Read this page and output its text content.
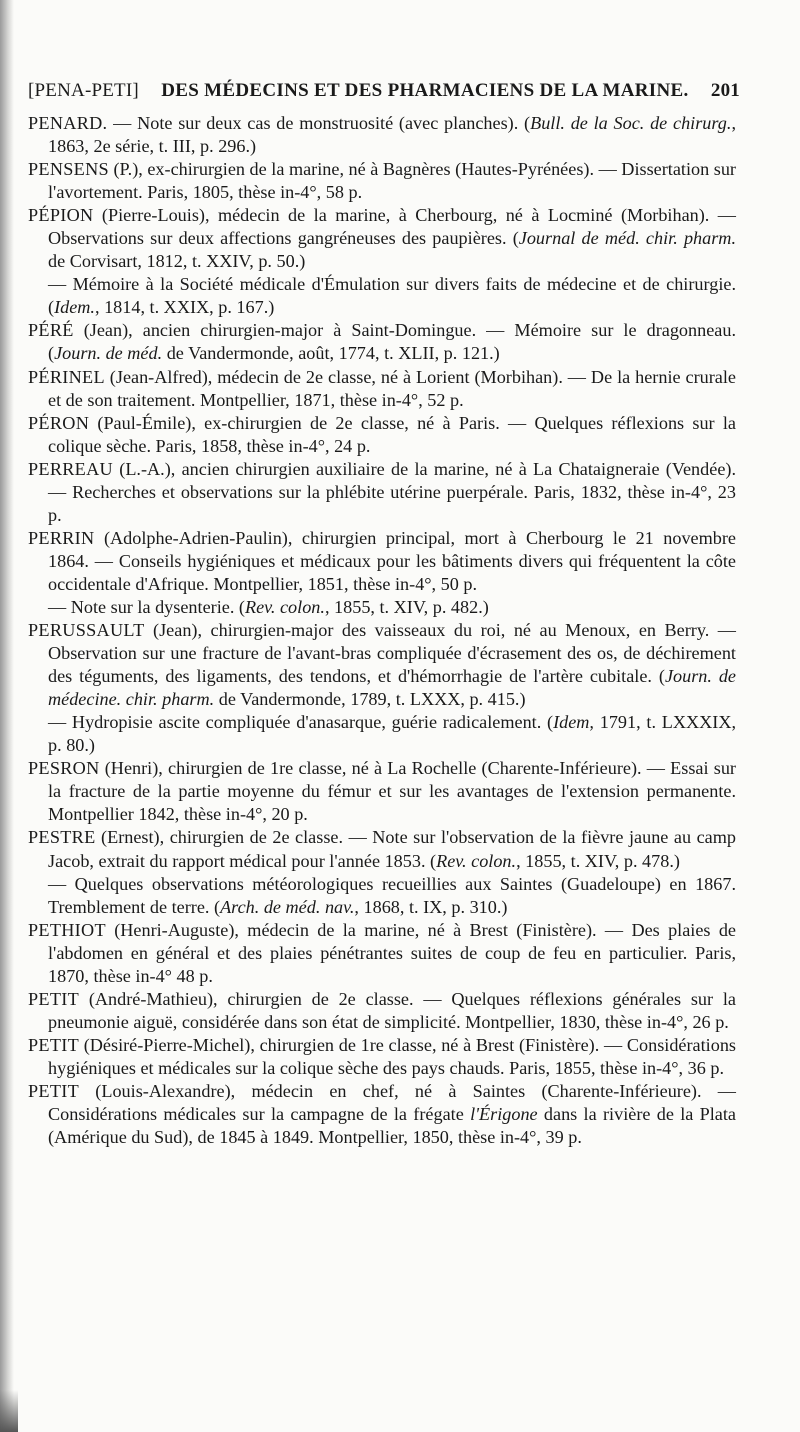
[PENA-PETI] DES MÉDECINS ET DES PHARMACIENS DE LA MARINE. 201

PENARD. — Note sur deux cas de monstruosité (avec planches). (Bull. de la Soc. de chirurg., 1863, 2e série, t. III, p. 296.)

PENSENS (P.), ex-chirurgien de la marine, né à Bagnères (Hautes-Pyrénées). — Dissertation sur l'avortement. Paris, 1805, thèse in-4°, 58 p.

PÉPION (Pierre-Louis), médecin de la marine, à Cherbourg, né à Locminé (Morbihan). — Observations sur deux affections gangréneuses des paupières. (Journal de méd. chir. pharm. de Corvisart, 1812, t. XXIV, p. 50.)

— Mémoire à la Société médicale d'Émulation sur divers faits de médecine et de chirurgie. (Idem., 1814, t. XXIX, p. 167.)

PÉRÉ (Jean), ancien chirurgien-major à Saint-Domingue. — Mémoire sur le dragonneau. (Journ. de méd. de Vandermonde, août, 1774, t. XLII, p. 121.)

PÉRINEL (Jean-Alfred), médecin de 2e classe, né à Lorient (Morbihan). — De la hernie crurale et de son traitement. Montpellier, 1871, thèse in-4°, 52 p.

PÉRON (Paul-Émile), ex-chirurgien de 2e classe, né à Paris. — Quelques réflexions sur la colique sèche. Paris, 1858, thèse in-4°, 24 p.

PERREAU (L.-A.), ancien chirurgien auxiliaire de la marine, né à La Chataigneraie (Vendée). — Recherches et observations sur la phlébite utérine puerpérale. Paris, 1832, thèse in-4°, 23 p.

PERRIN (Adolphe-Adrien-Paulin), chirurgien principal, mort à Cherbourg le 21 novembre 1864. — Conseils hygiéniques et médicaux pour les bâtiments divers qui fréquentent la côte occidentale d'Afrique. Montpellier, 1851, thèse in-4°, 50 p.

— Note sur la dysenterie. (Rev. colon., 1855, t. XIV, p. 482.)

PERUSSAULT (Jean), chirurgien-major des vaisseaux du roi, né au Menoux, en Berry. — Observation sur une fracture de l'avant-bras compliquée d'écrasement des os, de déchirement des téguments, des ligaments, des tendons, et d'hémorrhagie de l'artère cubitale. (Journ. de médecine. chir. pharm. de Vandermonde, 1789, t. LXXX, p. 415.)

— Hydropisie ascite compliquée d'anasarque, guérie radicalement. (Idem, 1791, t. LXXXIX, p. 80.)

PESRON (Henri), chirurgien de 1re classe, né à La Rochelle (Charente-Inférieure). — Essai sur la fracture de la partie moyenne du fémur et sur les avantages de l'extension permanente. Montpellier 1842, thèse in-4°, 20 p.

PESTRE (Ernest), chirurgien de 2e classe. — Note sur l'observation de la fièvre jaune au camp Jacob, extrait du rapport médical pour l'année 1853. (Rev. colon., 1855, t. XIV, p. 478.)

— Quelques observations météorologiques recueillies aux Saintes (Guadeloupe) en 1867. Tremblement de terre. (Arch. de méd. nav., 1868, t. IX, p. 310.)

PETHIOT (Henri-Auguste), médecin de la marine, né à Brest (Finistère). — Des plaies de l'abdomen en général et des plaies pénétrantes suites de coup de feu en particulier. Paris, 1870, thèse in-4° 48 p.

PETIT (André-Mathieu), chirurgien de 2e classe. — Quelques réflexions générales sur la pneumonie aiguë, considérée dans son état de simplicité. Montpellier, 1830, thèse in-4°, 26 p.

PETIT (Désiré-Pierre-Michel), chirurgien de 1re classe, né à Brest (Finistère). — Considérations hygiéniques et médicales sur la colique sèche des pays chauds. Paris, 1855, thèse in-4°, 36 p.

PETIT (Louis-Alexandre), médecin en chef, né à Saintes (Charente-Inférieure). — Considérations médicales sur la campagne de la frégate l'Érigone dans la rivière de la Plata (Amérique du Sud), de 1845 à 1849. Montpellier, 1850, thèse in-4°, 39 p.
